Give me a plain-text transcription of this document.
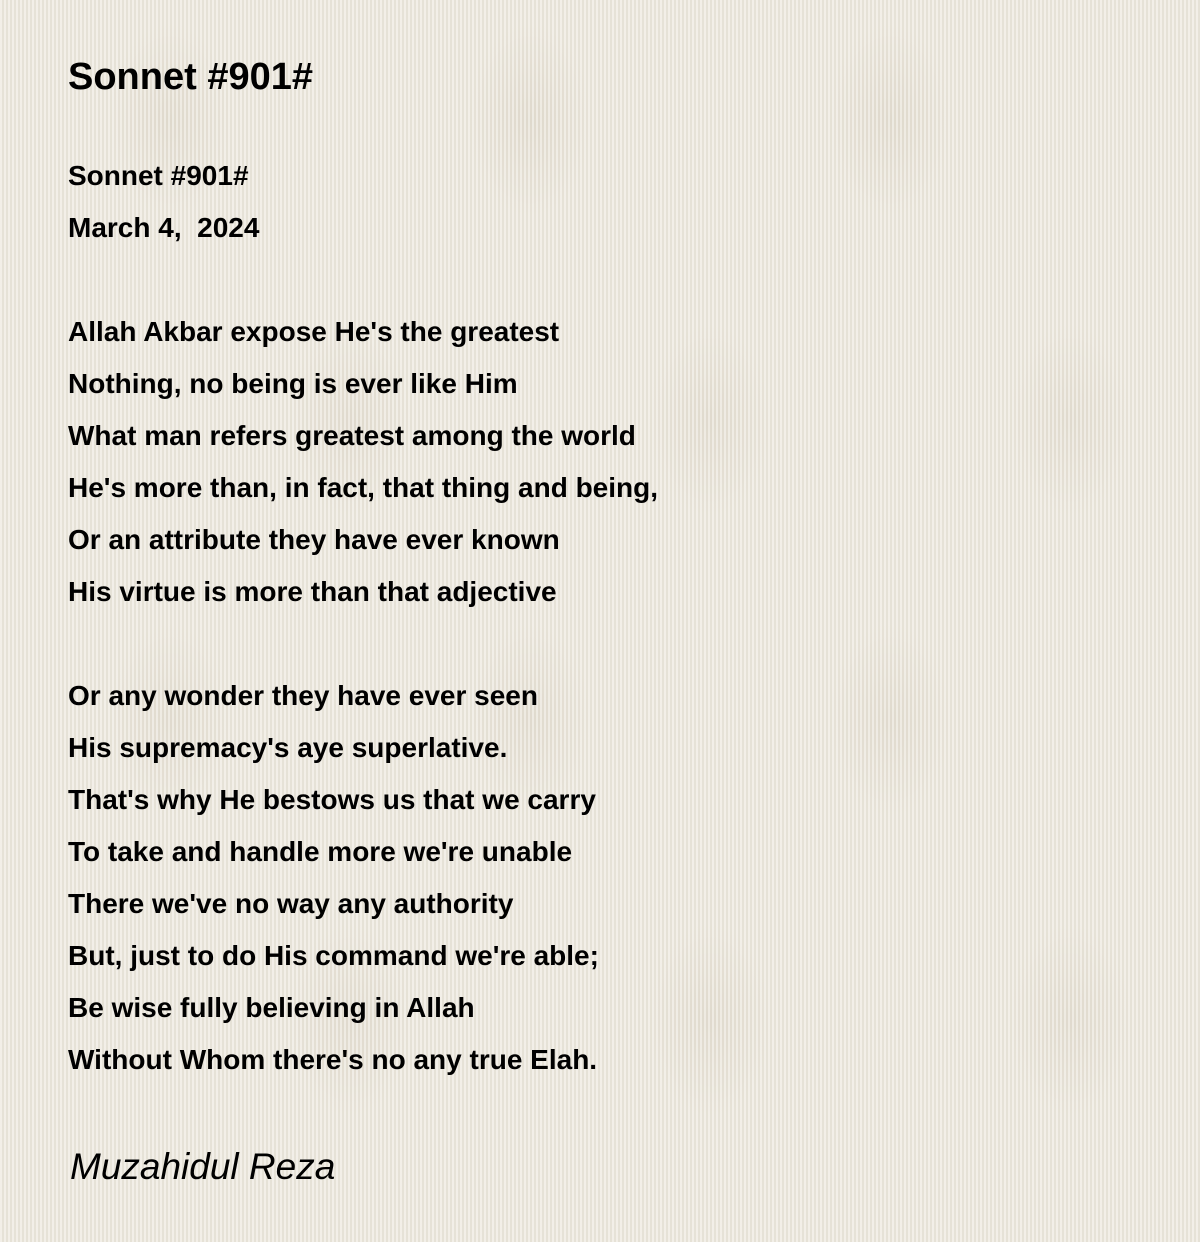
Sonnet #901#
Sonnet #901#
March 4,  2024
Allah Akbar expose He's the greatest
Nothing, no being is ever like Him
What man refers greatest among the world
He's more than, in fact, that thing and being,
Or an attribute they have ever known
His virtue is more than that adjective
Or any wonder they have ever seen
His supremacy's aye superlative.
That's why He bestows us that we carry
To take and handle more we're unable
There we've no way any authority
But, just to do His command we're able;
Be wise fully believing in Allah
Without Whom there's no any true Elah.
Muzahidul Reza
